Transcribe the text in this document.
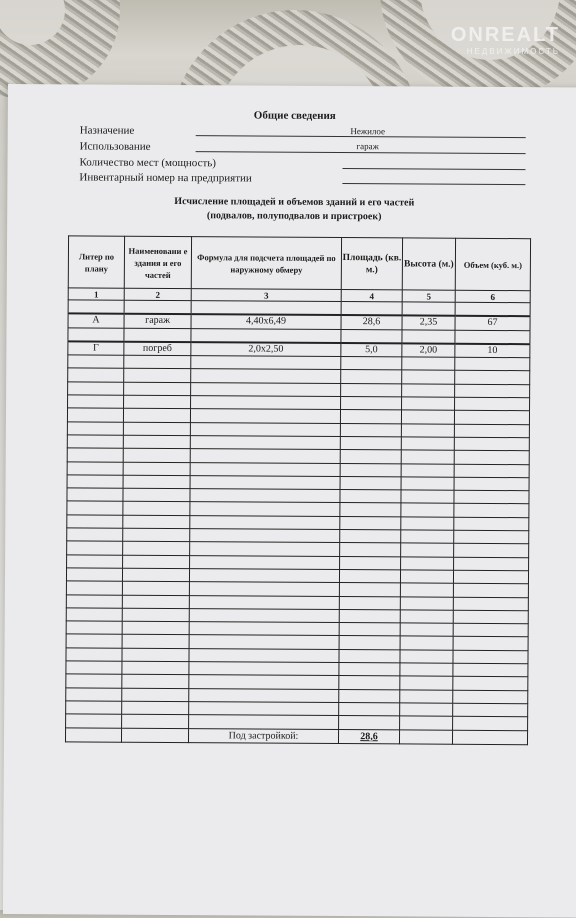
ONREALT
НЕДВИЖИМОСТЬ
Общие сведения
Назначение	Нежилое
Использование	гараж
Количество мест (мощность)
Инвентарный номер на предприятии
Исчисление площадей и объемов зданий и его частей
(подвалов, полуподвалов и пристроек)
Литер по плану	Наименовани е здания и его частей	Формула для подсчета площадей по наружному обмеру	Площадь (кв. м.)	Высота (м.)	Объем (куб. м.)
1	2	3	4	5	6

А	гараж	4,40x6,49	28,6	2,35	67

Г	погреб	2,0x2,50	5,0	2,00	10

		Под застройкой:	28,6		
